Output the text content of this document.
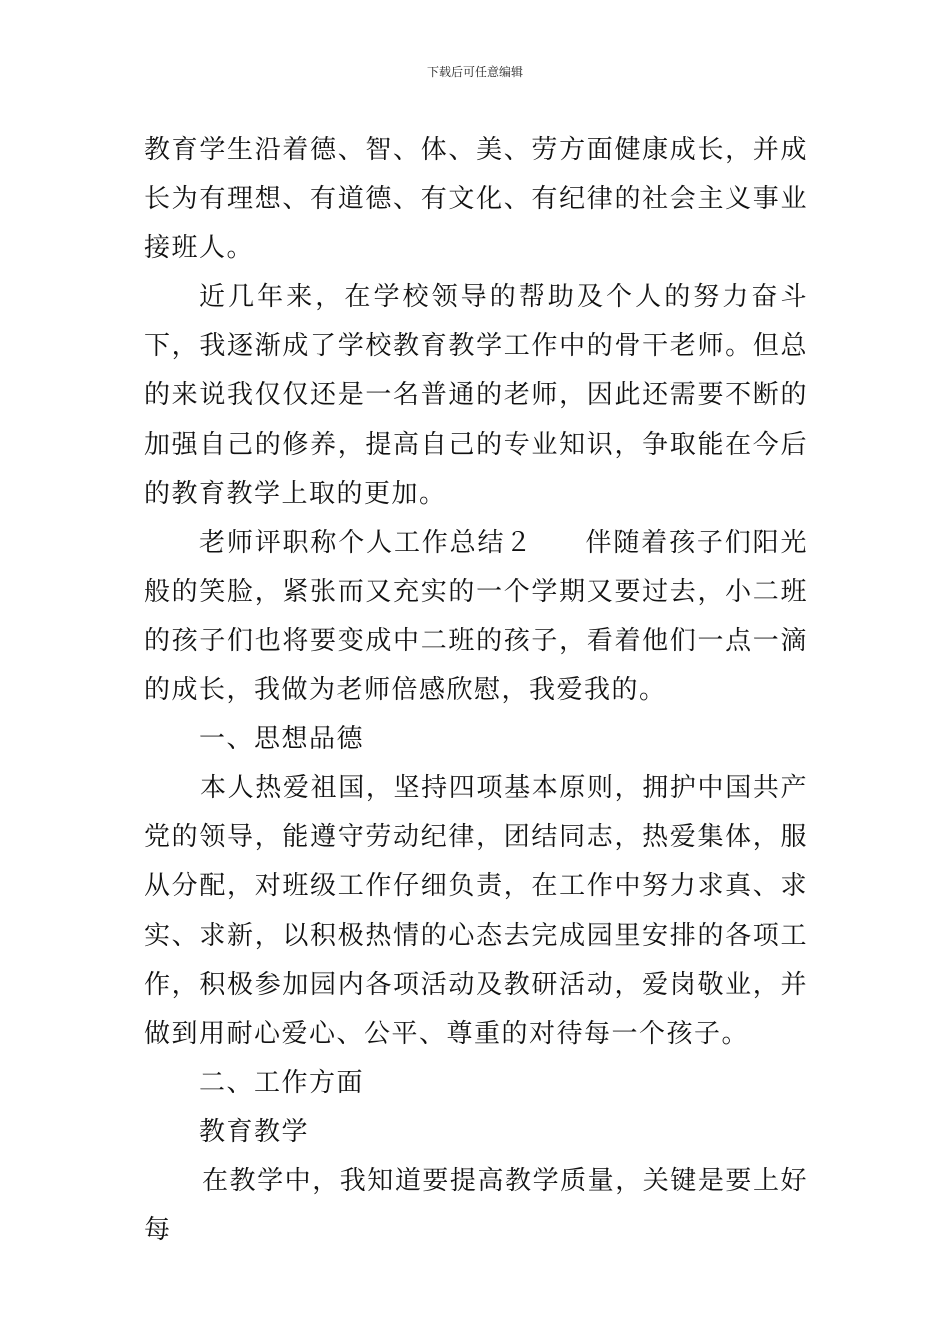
下载后可任意编辑

教育学生沿着德、智、体、美、劳方面健康成长，并成长为有理想、有道德、有文化、有纪律的社会主义事业接班人。

近几年来，在学校领导的帮助及个人的努力奋斗下，我逐渐成了学校教育教学工作中的骨干老师。但总的来说我仅仅还是一名普通的老师，因此还需要不断的加强自己的修养，提高自己的专业知识，争取能在今后的教育教学上取的更加。

老师评职称个人工作总结２ 伴随着孩子们阳光般的笑脸，紧张而又充实的一个学期又要过去，小二班的孩子们也将要变成中二班的孩子，看着他们一点一滴的成长，我做为老师倍感欣慰，我爱我的。

一、思想品德

本人热爱祖国，坚持四项基本原则，拥护中国共产党的领导，能遵守劳动纪律，团结同志，热爱集体，服从分配，对班级工作仔细负责，在工作中努力求真、求实、求新，以积极热情的心态去完成园里安排的各项工作，积极参加园内各项活动及教研活动，爱岗敬业，并做到用耐心爱心、公平、尊重的对待每一个孩子。

二、工作方面

教育教学

在教学中，我知道要提高教学质量，关键是要上好每
